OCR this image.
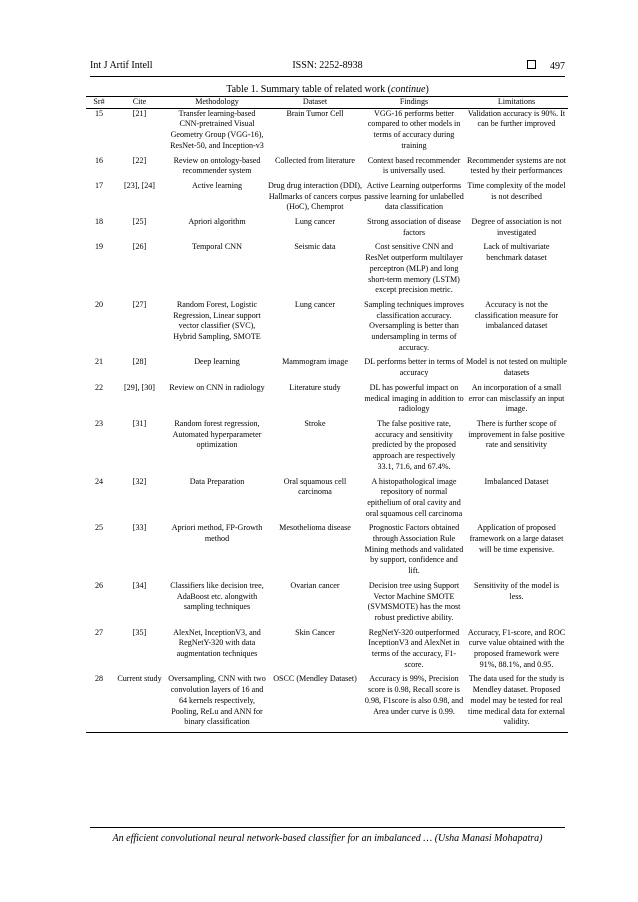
Int J Artif Intell	ISSN: 2252-8938	497
Table 1. Summary table of related work (continue)
Sr#	Cite	Methodology	Dataset	Findings	Limitations
15	[21]	Transfer learning-based CNN-pretrained Visual Geometry Group (VGG-16), ResNet-50, and Inception-v3	Brain Tumor Cell	VGG-16 performs better compared to other models in terms of accuracy during training	Validation accuracy is 90%. It can be further improved
16	[22]	Review on ontology-based recommender system	Collected from literature	Context based recommender is universally used.	Recommender systems are not tested by their performances
17	[23], [24]	Active learning	Drug drug interaction (DDI), Hallmarks of cancers corpus (HoC), Chemprot	Active Learning outperforms passive learning for unlabelled data classification	Time complexity of the model is not described
18	[25]	Apriori algorithm	Lung cancer	Strong association of disease factors	Degree of association is not investigated
19	[26]	Temporal CNN	Seismic data	Cost sensitive CNN and ResNet outperform multilayer perceptron (MLP) and long short-term memory (LSTM) except precision metric.	Lack of multivariate benchmark dataset
20	[27]	Random Forest, Logistic Regression, Linear support vector classifier (SVC), Hybrid Sampling, SMOTE	Lung cancer	Sampling techniques improves classification accuracy. Oversampling is better than undersampling in terms of accuracy.	Accuracy is not the classification measure for imbalanced dataset
21	[28]	Deep learning	Mammogram image	DL performs better in terms of accuracy	Model is not tested on multiple datasets
22	[29], [30]	Review on CNN in radiology	Literature study	DL has powerful impact on medical imaging in addition to radiology	An incorporation of a small error can misclassify an input image.
23	[31]	Random forest regression, Automated hyperparameter optimization	Stroke	The false positive rate, accuracy and sensitivity predicted by the proposed approach are respectively 33.1, 71.6, and 67.4%.	There is further scope of improvement in false positive rate and sensitivity
24	[32]	Data Preparation	Oral squamous cell carcinoma	A histopathological image repository of normal epithelium of oral cavity and oral squamous cell carcinoma	Imbalanced Dataset
25	[33]	Apriori method, FP-Growth method	Mesothelioma disease	Prognostic Factors obtained through Association Rule Mining methods and validated by support, confidence and lift.	Application of proposed framework on a large dataset will be time expensive.
26	[34]	Classifiers like decision tree, AdaBoost etc. alongwith sampling techniques	Ovarian cancer	Decision tree using Support Vector Machine SMOTE (SVMSMOTE) has the most robust predictive ability.	Sensitivity of the model is less.
27	[35]	AlexNet, InceptionV3, and RegNetY-320 with data augmentation techniques	Skin Cancer	RegNetY-320 outperformed InceptionV3 and AlexNet in terms of the accuracy, F1-score.	Accuracy, F1-score, and ROC curve value obtained with the proposed framework were 91%, 88.1%, and 0.95.
28	Current study	Oversampling, CNN with two convolution layers of 16 and 64 kernels respectively, Pooling, ReLu and ANN for binary classification	OSCC (Mendley Dataset)	Accuracy is 99%, Precision score is 0.98, Recall score is 0.98, F1score is also 0.98, and Area under curve is 0.99.	The data used for the study is Mendley dataset. Proposed model may be tested for real time medical data for external validity.
An efficient convolutional neural network-based classifier for an imbalanced … (Usha Manasi Mohapatra)
